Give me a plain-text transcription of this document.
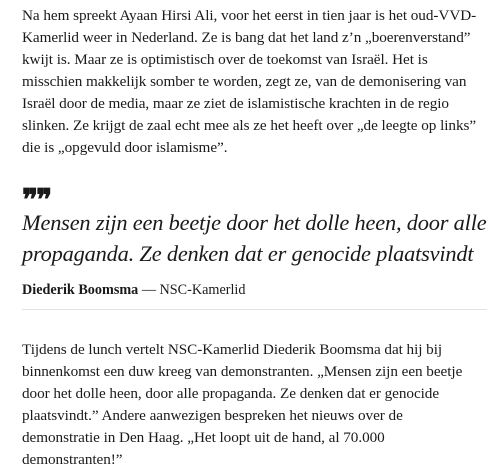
Na hem spreekt Ayaan Hirsi Ali, voor het eerst in tien jaar is het oud-VVD-Kamerlid weer in Nederland. Ze is bang dat het land z’n „boerenverstand” kwijt is. Maar ze is optimistisch over de toekomst van Israël. Het is misschien makkelijk somber te worden, zegt ze, van de demonisering van Israël door de media, maar ze ziet de islamistische krachten in de regio slinken. Ze krijgt de zaal echt mee als ze het heeft over „de leegte op links” die is „opgevuld door islamisme”.

❞❞

Mensen zijn een beetje door het dolle heen, door alle propaganda. Ze denken dat er genocide plaatsvindt

Diederik Boomsma — NSC-Kamerlid

Tijdens de lunch vertelt NSC-Kamerlid Diederik Boomsma dat hij bij binnenkomst een duw kreeg van demonstranten. „Mensen zijn een beetje door het dolle heen, door alle propaganda. Ze denken dat er genocide plaatsvindt.” Andere aanwezigen bespreken het nieuws over de demonstratie in Den Haag. „Het loopt uit de hand, al 70.000 demonstranten!”
